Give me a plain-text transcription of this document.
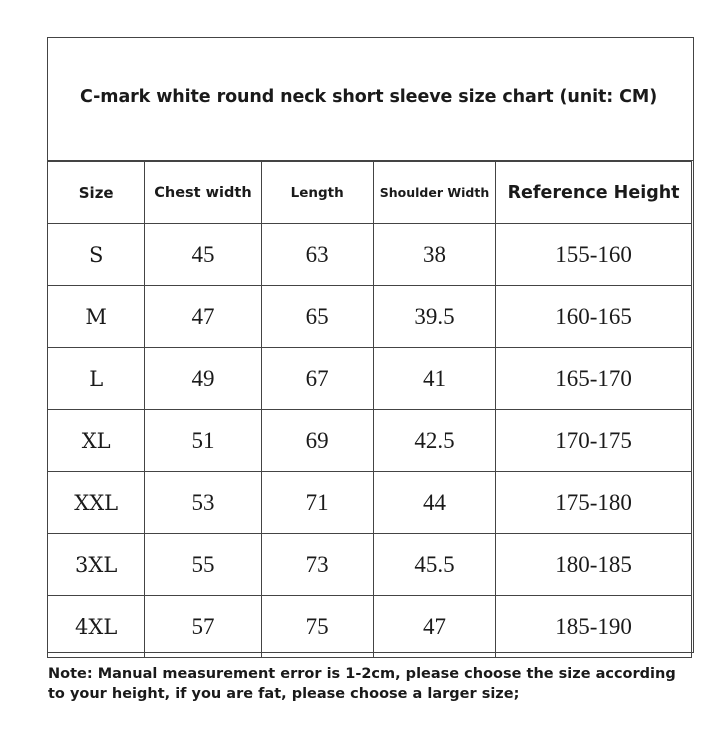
C-mark white round neck short sleeve size chart (unit: CM)
Size	Chest width	Length	Shoulder Width	Reference Height
S	45	63	38	155-160
M	47	65	39.5	160-165
L	49	67	41	165-170
XL	51	69	42.5	170-175
XXL	53	71	44	175-180
3XL	55	73	45.5	180-185
4XL	57	75	47	185-190
Note: Manual measurement error is 1-2cm, please choose the size according
to your height, if you are fat, please choose a larger size;
